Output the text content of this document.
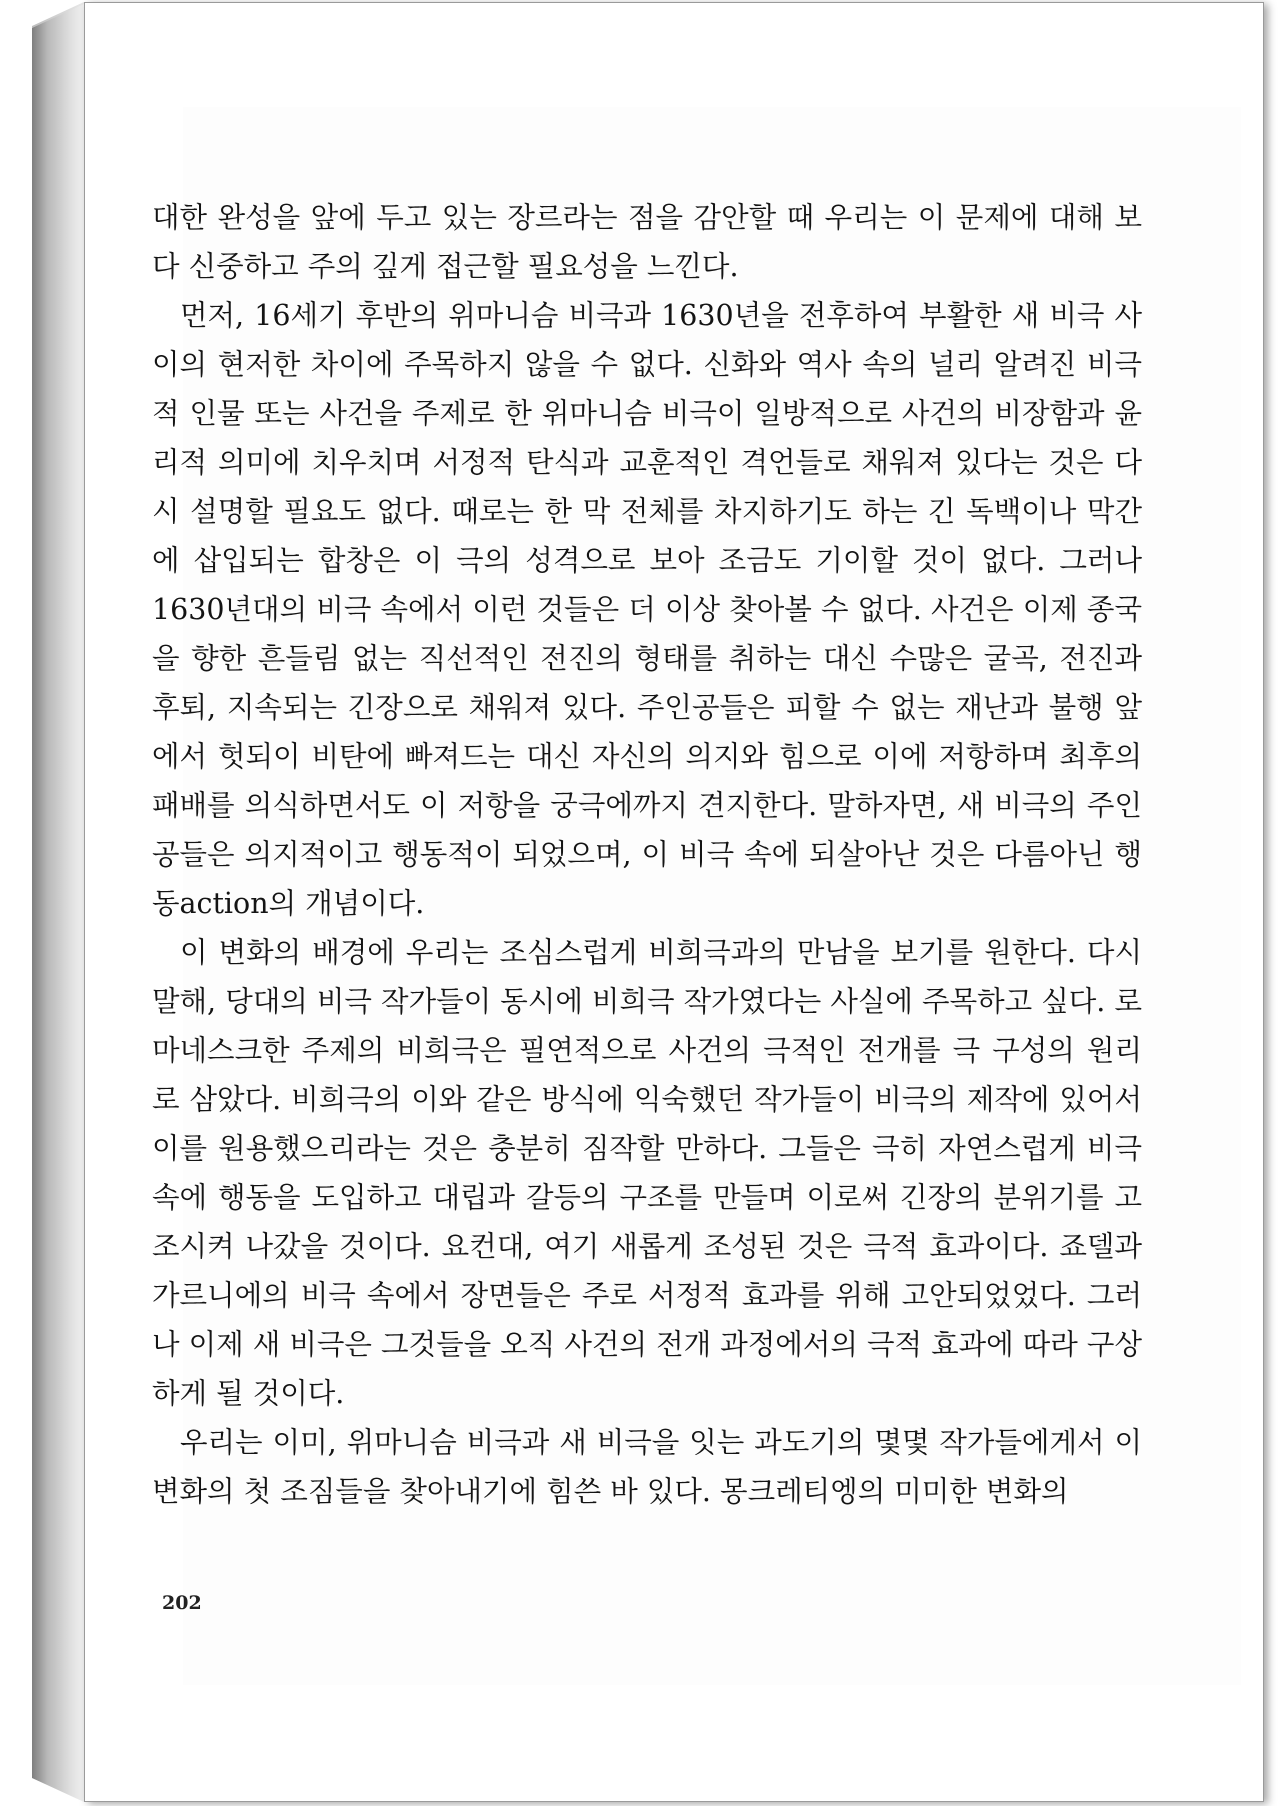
대한 완성을 앞에 두고 있는 장르라는 점을 감안할 때 우리는 이 문제에 대해 보다 신중하고 주의 깊게 접근할 필요성을 느낀다.

먼저, 16세기 후반의 위마니슴 비극과 1630년을 전후하여 부활한 새 비극 사이의 현저한 차이에 주목하지 않을 수 없다. 신화와 역사 속의 널리 알려진 비극적 인물 또는 사건을 주제로 한 위마니슴 비극이 일방적으로 사건의 비장함과 윤리적 의미에 치우치며 서정적 탄식과 교훈적인 격언들로 채워져 있다는 것은 다시 설명할 필요도 없다. 때로는 한 막 전체를 차지하기도 하는 긴 독백이나 막간에 삽입되는 합창은 이 극의 성격으로 보아 조금도 기이할 것이 없다. 그러나 1630년대의 비극 속에서 이런 것들은 더 이상 찾아볼 수 없다. 사건은 이제 종국을 향한 흔들림 없는 직선적인 전진의 형태를 취하는 대신 수많은 굴곡, 전진과 후퇴, 지속되는 긴장으로 채워져 있다. 주인공들은 피할 수 없는 재난과 불행 앞에서 헛되이 비탄에 빠져드는 대신 자신의 의지와 힘으로 이에 저항하며 최후의 패배를 의식하면서도 이 저항을 궁극에까지 견지한다. 말하자면, 새 비극의 주인공들은 의지적이고 행동적이 되었으며, 이 비극 속에 되살아난 것은 다름아닌 행동action의 개념이다.

이 변화의 배경에 우리는 조심스럽게 비희극과의 만남을 보기를 원한다. 다시 말해, 당대의 비극 작가들이 동시에 비희극 작가였다는 사실에 주목하고 싶다. 로마네스크한 주제의 비희극은 필연적으로 사건의 극적인 전개를 극 구성의 원리로 삼았다. 비희극의 이와 같은 방식에 익숙했던 작가들이 비극의 제작에 있어서 이를 원용했으리라는 것은 충분히 짐작할 만하다. 그들은 극히 자연스럽게 비극 속에 행동을 도입하고 대립과 갈등의 구조를 만들며 이로써 긴장의 분위기를 고조시켜 나갔을 것이다. 요컨대, 여기 새롭게 조성된 것은 극적 효과이다. 죠델과 가르니에의 비극 속에서 장면들은 주로 서정적 효과를 위해 고안되었었다. 그러나 이제 새 비극은 그것들을 오직 사건의 전개 과정에서의 극적 효과에 따라 구상하게 될 것이다.

우리는 이미, 위마니슴 비극과 새 비극을 잇는 과도기의 몇몇 작가들에게서 이 변화의 첫 조짐들을 찾아내기에 힘쓴 바 있다. 몽크레티엥의 미미한 변화의

202
